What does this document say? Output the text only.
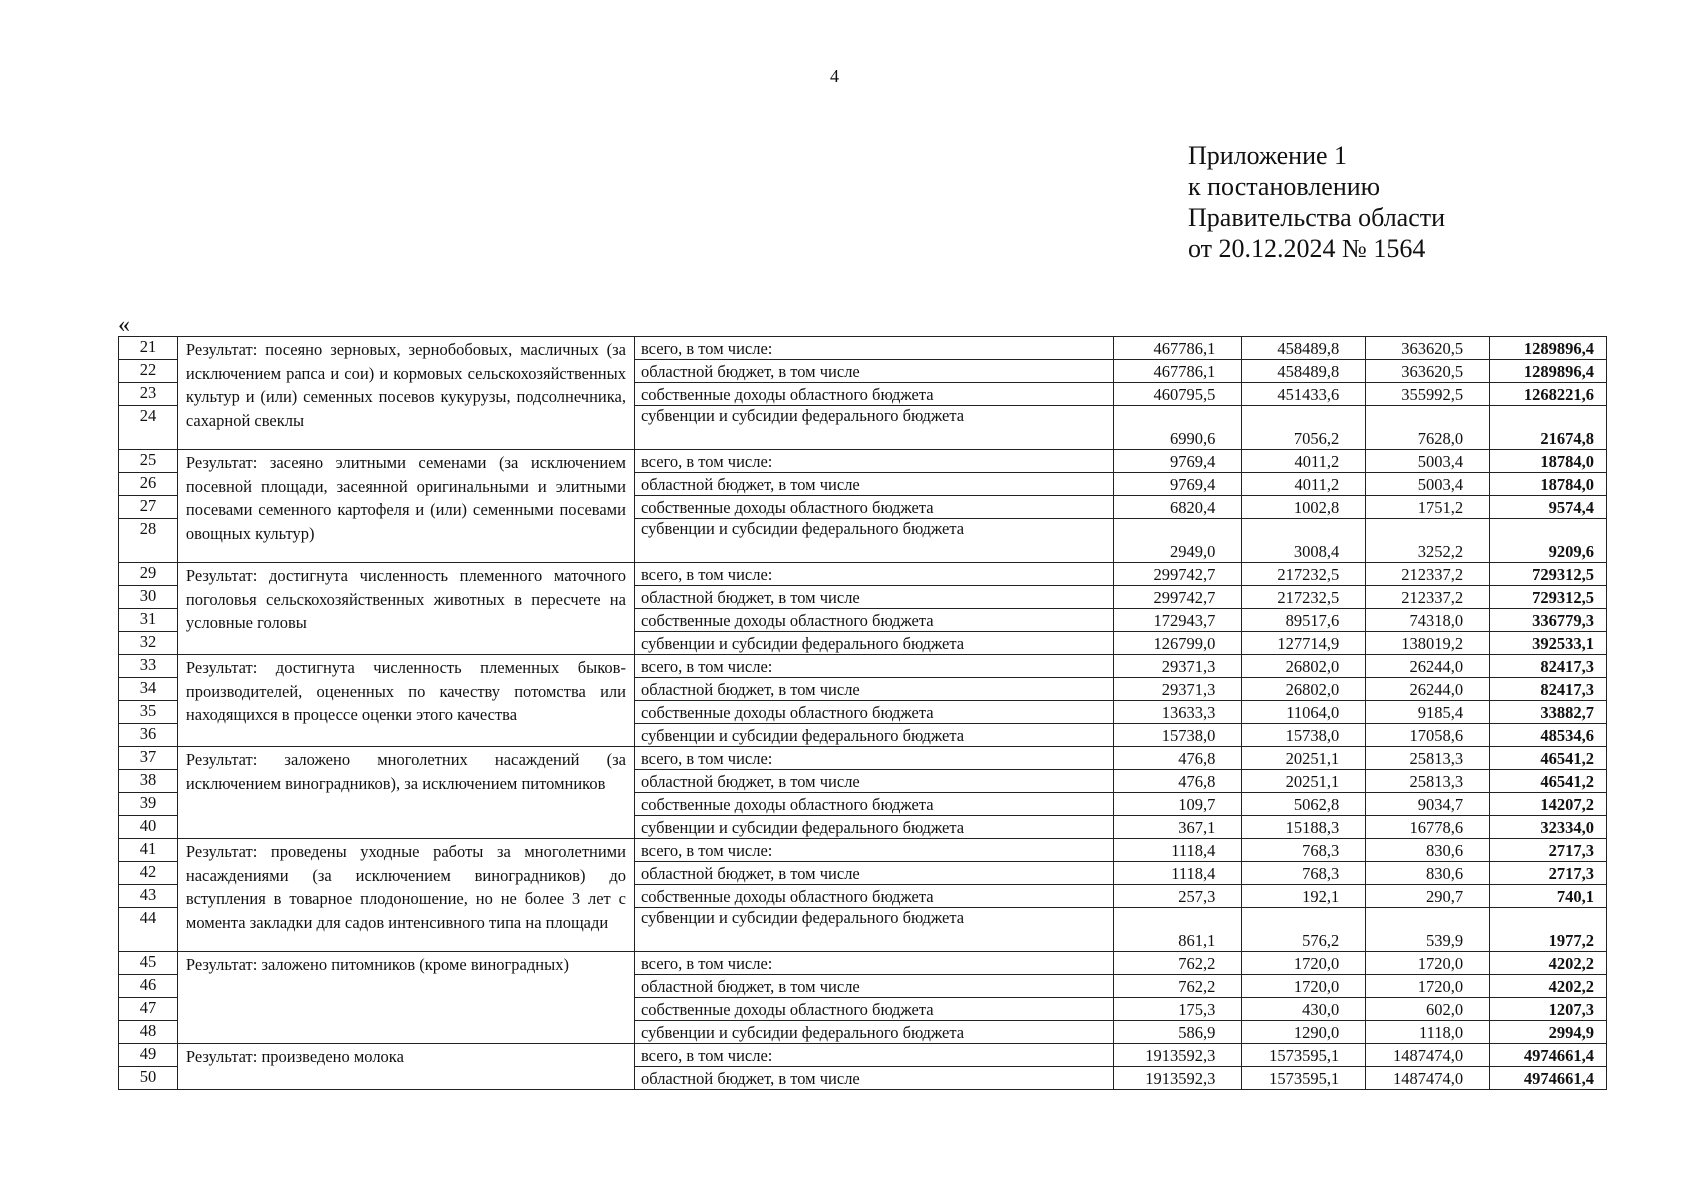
4
Приложение 1
к постановлению
Правительства области
от 20.12.2024 № 1564
«
21	Результат: посеяно зерновых, зернобобовых, масличных (за исключением рапса и сои) и кормовых сельскохозяйственных культур и (или) семенных посевов кукурузы, подсолнечника, сахарной свеклы	всего, в том числе:	467786,1	458489,8	363620,5	1289896,4
22		областной бюджет, в том числе	467786,1	458489,8	363620,5	1289896,4
23		собственные доходы областного бюджета	460795,5	451433,6	355992,5	1268221,6
24		субвенции и субсидии федерального бюджета	6990,6	7056,2	7628,0	21674,8
25	Результат: засеяно элитными семенами (за исключением посевной площади, засеянной оригинальными и элитными посевами семенного картофеля и (или) семенными посевами овощных культур)	всего, в том числе:	9769,4	4011,2	5003,4	18784,0
26		областной бюджет, в том числе	9769,4	4011,2	5003,4	18784,0
27		собственные доходы областного бюджета	6820,4	1002,8	1751,2	9574,4
28		субвенции и субсидии федерального бюджета	2949,0	3008,4	3252,2	9209,6
29	Результат: достигнута численность племенного маточного поголовья сельскохозяйственных животных в пересчете на условные головы	всего, в том числе:	299742,7	217232,5	212337,2	729312,5
30		областной бюджет, в том числе	299742,7	217232,5	212337,2	729312,5
31		собственные доходы областного бюджета	172943,7	89517,6	74318,0	336779,3
32		субвенции и субсидии федерального бюджета	126799,0	127714,9	138019,2	392533,1
33	Результат: достигнута численность племенных быков-производителей, оцененных по качеству потомства или находящихся в процессе оценки этого качества	всего, в том числе:	29371,3	26802,0	26244,0	82417,3
34		областной бюджет, в том числе	29371,3	26802,0	26244,0	82417,3
35		собственные доходы областного бюджета	13633,3	11064,0	9185,4	33882,7
36		субвенции и субсидии федерального бюджета	15738,0	15738,0	17058,6	48534,6
37	Результат: заложено многолетних насаждений (за исключением виноградников), за исключением питомников	всего, в том числе:	476,8	20251,1	25813,3	46541,2
38		областной бюджет, в том числе	476,8	20251,1	25813,3	46541,2
39		собственные доходы областного бюджета	109,7	5062,8	9034,7	14207,2
40		субвенции и субсидии федерального бюджета	367,1	15188,3	16778,6	32334,0
41	Результат: проведены уходные работы за многолетними насаждениями (за исключением виноградников) до вступления в товарное плодоношение, но не более 3 лет с момента закладки для садов интенсивного типа на площади	всего, в том числе:	1118,4	768,3	830,6	2717,3
42		областной бюджет, в том числе	1118,4	768,3	830,6	2717,3
43		собственные доходы областного бюджета	257,3	192,1	290,7	740,1
44		субвенции и субсидии федерального бюджета	861,1	576,2	539,9	1977,2
45	Результат: заложено питомников (кроме виноградных)	всего, в том числе:	762,2	1720,0	1720,0	4202,2
46		областной бюджет, в том числе	762,2	1720,0	1720,0	4202,2
47		собственные доходы областного бюджета	175,3	430,0	602,0	1207,3
48		субвенции и субсидии федерального бюджета	586,9	1290,0	1118,0	2994,9
49	Результат: произведено молока	всего, в том числе:	1913592,3	1573595,1	1487474,0	4974661,4
50		областной бюджет, в том числе	1913592,3	1573595,1	1487474,0	4974661,4
